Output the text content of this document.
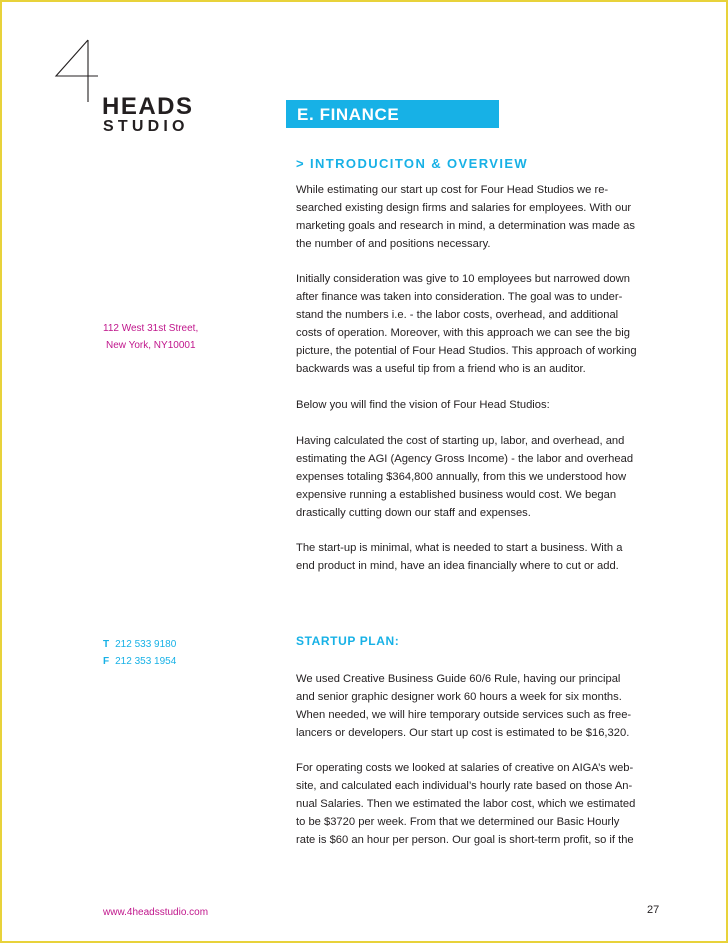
HEADS
STUDIO
E. FINANCE
112 West 31st Street,
New York, NY10001
T 212 533 9180
F 212 353 1954
> INTRODUCITON & OVERVIEW
While estimating our start up cost for Four Head Studios we re-
searched existing design firms and salaries for employees. With our
marketing goals and research in mind, a determination was made as
the number of and positions necessary.
Initially consideration was give to 10 employees but narrowed down
after finance was taken into consideration. The goal was to under-
stand the numbers i.e. - the labor costs, overhead, and additional
costs of operation. Moreover, with this approach we can see the big
picture, the potential of Four Head Studios. This approach of working
backwards was a useful tip from a friend who is an auditor.
Below you will find the vision of Four Head Studios:
Having calculated the cost of starting up, labor, and overhead, and
estimating the AGI (Agency Gross Income) - the labor and overhead
expenses totaling $364,800 annually, from this we understood how
expensive running a established business would cost. We began
drastically cutting down our staff and expenses.
The start-up is minimal, what is needed to start a business. With a
end product in mind, have an idea financially where to cut or add.
STARTUP PLAN:
We used Creative Business Guide 60/6 Rule, having our principal
and senior graphic designer work 60 hours a week for six months.
When needed, we will hire temporary outside services such as free-
lancers or developers. Our start up cost is estimated to be $16,320.
For operating costs we looked at salaries of creative on AIGA’s web-
site, and calculated each individual’s hourly rate based on those An-
nual Salaries. Then we estimated the labor cost, which we estimated
to be $3720 per week. From that we determined our Basic Hourly
rate is $60 an hour per person. Our goal is short-term profit, so if the
www.4headsstudio.com	27
